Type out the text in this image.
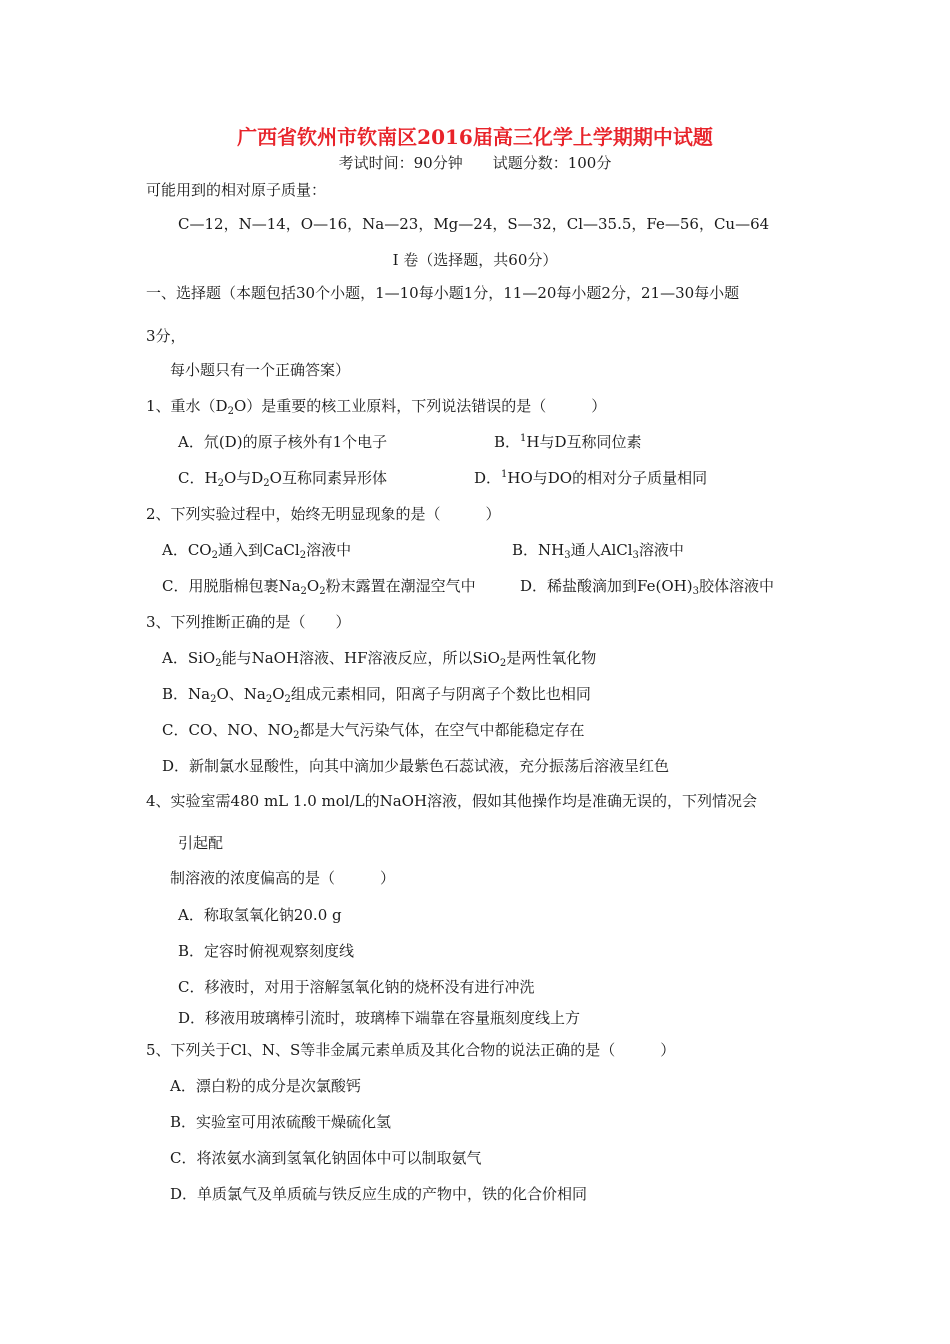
广西省钦州市钦南区2016届高三化学上学期期中试题
考试时间：90分钟　　试题分数：100分
可能用到的相对原子质量：
C—12，N—14，O—16，Na—23，Mg—24，S—32，Cl—35.5，Fe—56，Cu—64
Ⅰ 卷（选择题，共60分）
一、选择题（本题包括30个小题，1—10每小题1分，11—20每小题2分，21—30每小题
3分，
每小题只有一个正确答案）
1、重水$(D_2O)$是重要的核工业原料，下列说法错误的是（　　　）
A．氘(D)的原子核外有1个电子	B．$^1$H与D互称同位素
C．$H_2O$与$D_2O$互称同素异形体	D．$^1$HO与DO的相对分子质量相同
2、下列实验过程中，始终无明显现象的是（　　　）
A．$CO_2$通入到CaCl$_2$溶液中	B．$NH_3$通人AlCl$_3$溶液中
C．用脱脂棉包裹$Na_2O_2$粉末露置在潮湿空气中	D．稀盐酸滴加到$Fe(OH)_3$胶体溶液中
3、下列推断正确的是（　　）
A．SiO$_2$能与NaOH溶液、HF溶液反应，所以SiO$_2$是两性氧化物
B．$Na_2O$、$Na_2O_2$组成元素相同，阳离子与阴离子个数比也相同
C．CO、NO、$NO_2$都是大气污染气体，在空气中都能稳定存在
D．新制氯水显酸性，向其中滴加少最紫色石蕊试液，充分振荡后溶液呈红色
4、实验室需480 mL 1.0 mol/L的NaOH溶液，假如其他操作均是准确无误的，下列情况会
引起配
制溶液的浓度偏高的是（　　　）
A．称取氢氧化钠20.0 g
B．定容时俯视观察刻度线
C．移液时，对用于溶解氢氧化钠的烧杯没有进行冲洗
D．移液用玻璃棒引流时，玻璃棒下端靠在容量瓶刻度线上方
5、下列关于Cl、N、S等非金属元素单质及其化合物的说法正确的是（　　　）
A．漂白粉的成分是次氯酸钙
B．实验室可用浓硫酸干燥硫化氢
C．将浓氨水滴到氢氧化钠固体中可以制取氨气
D．单质氯气及单质硫与铁反应生成的产物中，铁的化合价相同
